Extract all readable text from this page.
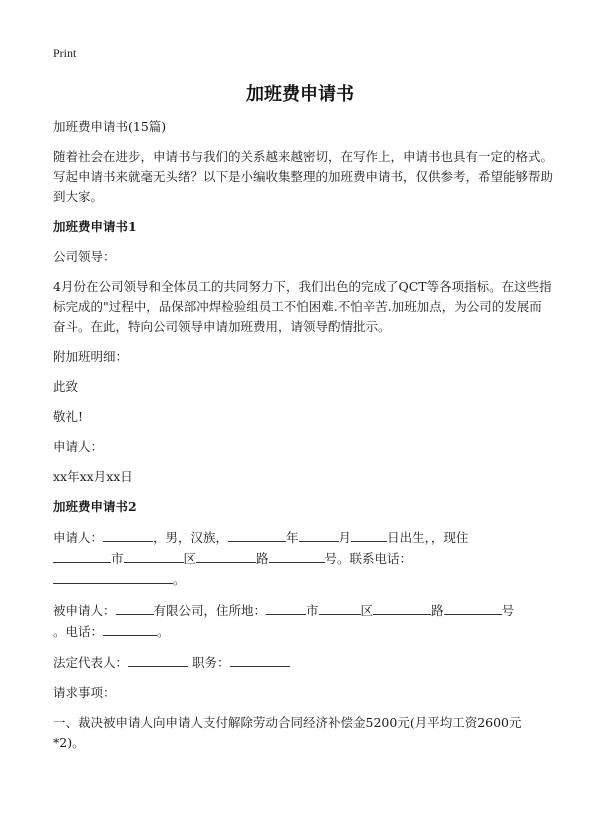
Print
加班费申请书

加班费申请书(15篇)

随着社会在进步，申请书与我们的关系越来越密切，在写作上，申请书也具有一定的格式。写起申请书来就毫无头绪？以下是小编收集整理的加班费申请书，仅供参考，希望能够帮助到大家。

加班费申请书1

公司领导：

4月份在公司领导和全体员工的共同努力下，我们出色的完成了QCT等各项指标。在这些指标完成的"过程中，品保部冲焊检验组员工不怕困难.不怕辛苦.加班加点，为公司的发展而奋斗。在此，特向公司领导申请加班费用，请领导酌情批示。

附加班明细：

此致

敬礼!

申请人：

xx年xx月xx日

加班费申请书2

申请人：	，男，汉族，	年	月	日出生，，现住
市	区	路	号。联系电话：
。

被申请人：	有限公司，住所地：	市	区	路	号
。电话：	。

法定代表人：	职务：

请求事项：

一、裁决被申请人向申请人支付解除劳动合同经济补偿金5200元(月平均工资2600元*2)。
